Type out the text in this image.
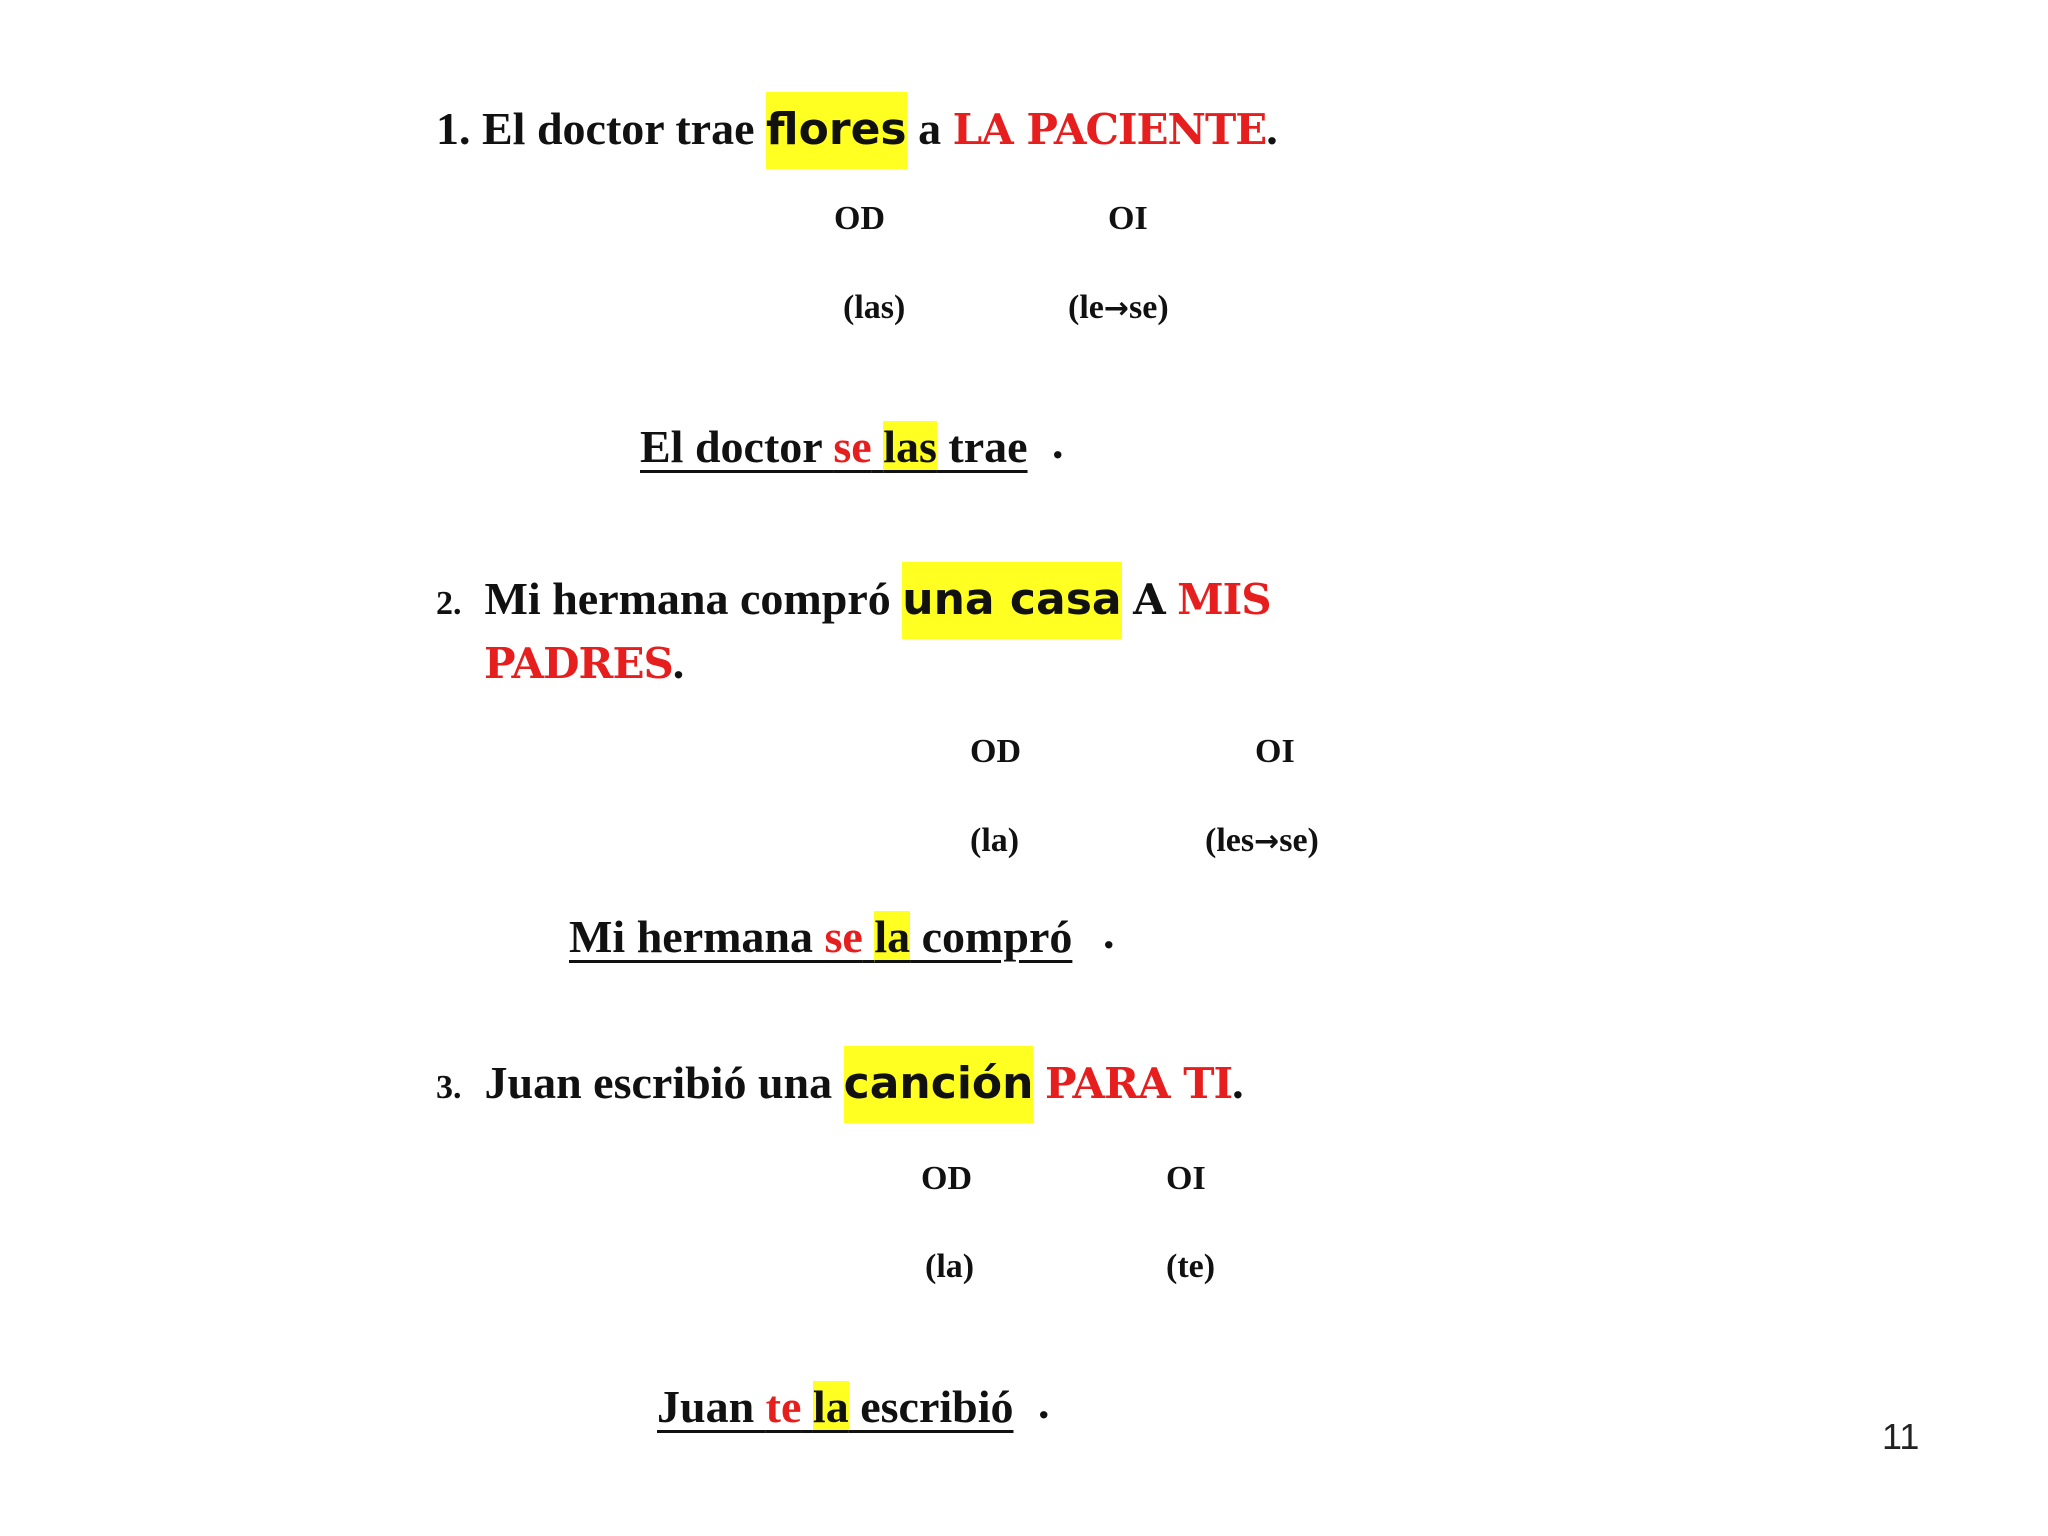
1. El doctor trae flores a LA PACIENTE.
OD	OI
(las)	(le→se)
El doctor se las trae .
2. Mi hermana compró una casa A MIS
PADRES.
OD	OI
(la)	(les→se)
Mi hermana se la compró .
3. Juan escribió una canción PARA TI.
OD	OI
(la)	(te)
Juan te la escribió .
11
